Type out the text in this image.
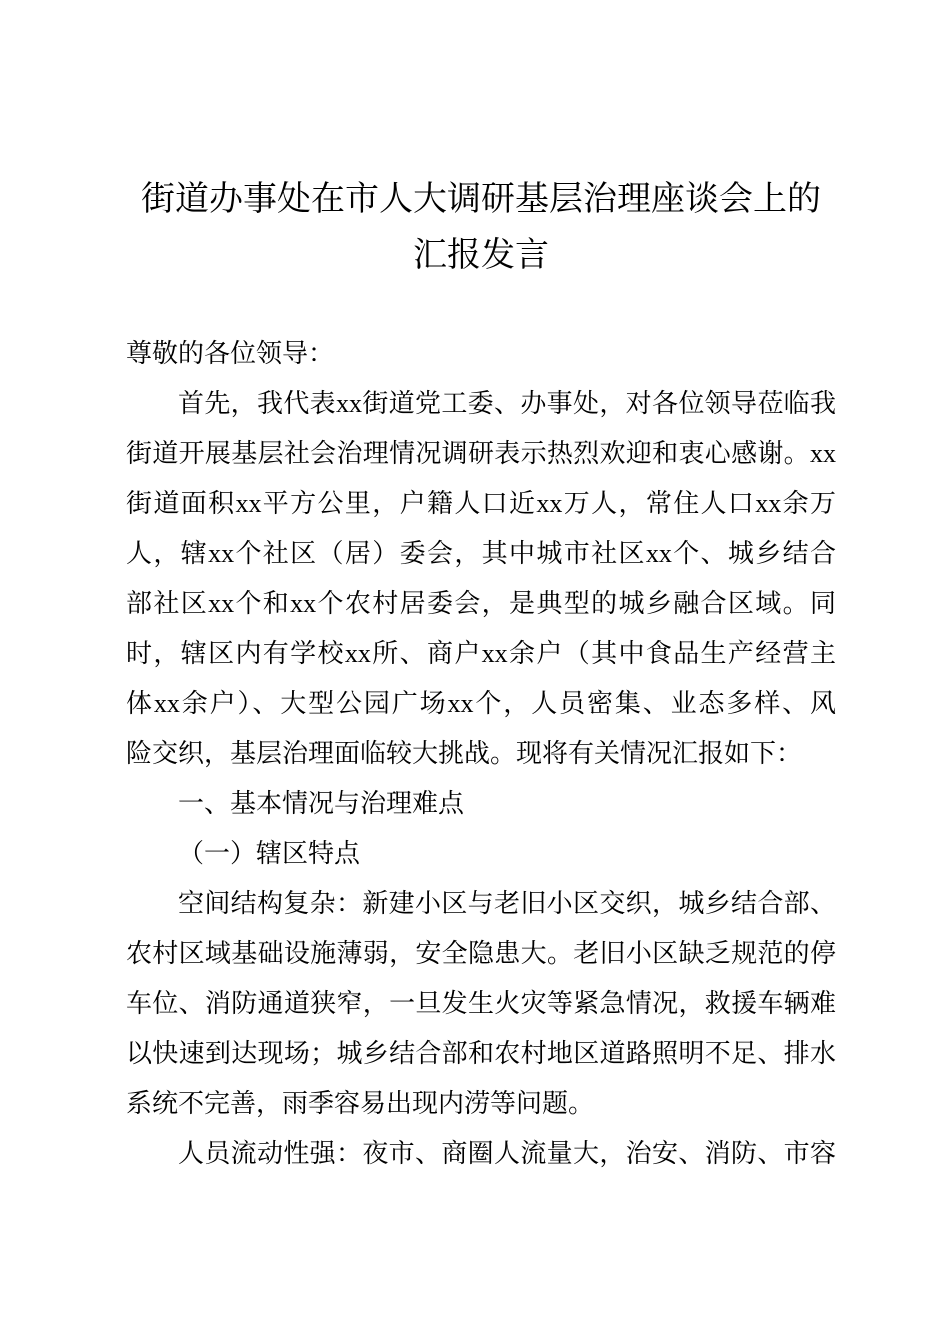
街道办事处在市人大调研基层治理座谈会上的
汇报发言
尊敬的各位领导：
首先，我代表xx街道党工委、办事处，对各位领导莅临我
街道开展基层社会治理情况调研表示热烈欢迎和衷心感谢。xx
街道面积xx平方公里，户籍人口近xx万人，常住人口xx余万
人，辖xx个社区（居）委会，其中城市社区xx个、城乡结合
部社区xx个和xx个农村居委会，是典型的城乡融合区域。同
时，辖区内有学校xx所、商户xx余户（其中食品生产经营主
体xx余户）、大型公园广场xx个，人员密集、业态多样、风
险交织，基层治理面临较大挑战。现将有关情况汇报如下：
一、基本情况与治理难点
（一）辖区特点
空间结构复杂：新建小区与老旧小区交织，城乡结合部、
农村区域基础设施薄弱，安全隐患大。老旧小区缺乏规范的停
车位、消防通道狭窄，一旦发生火灾等紧急情况，救援车辆难
以快速到达现场；城乡结合部和农村地区道路照明不足、排水
系统不完善，雨季容易出现内涝等问题。
人员流动性强：夜市、商圈人流量大，治安、消防、市容
